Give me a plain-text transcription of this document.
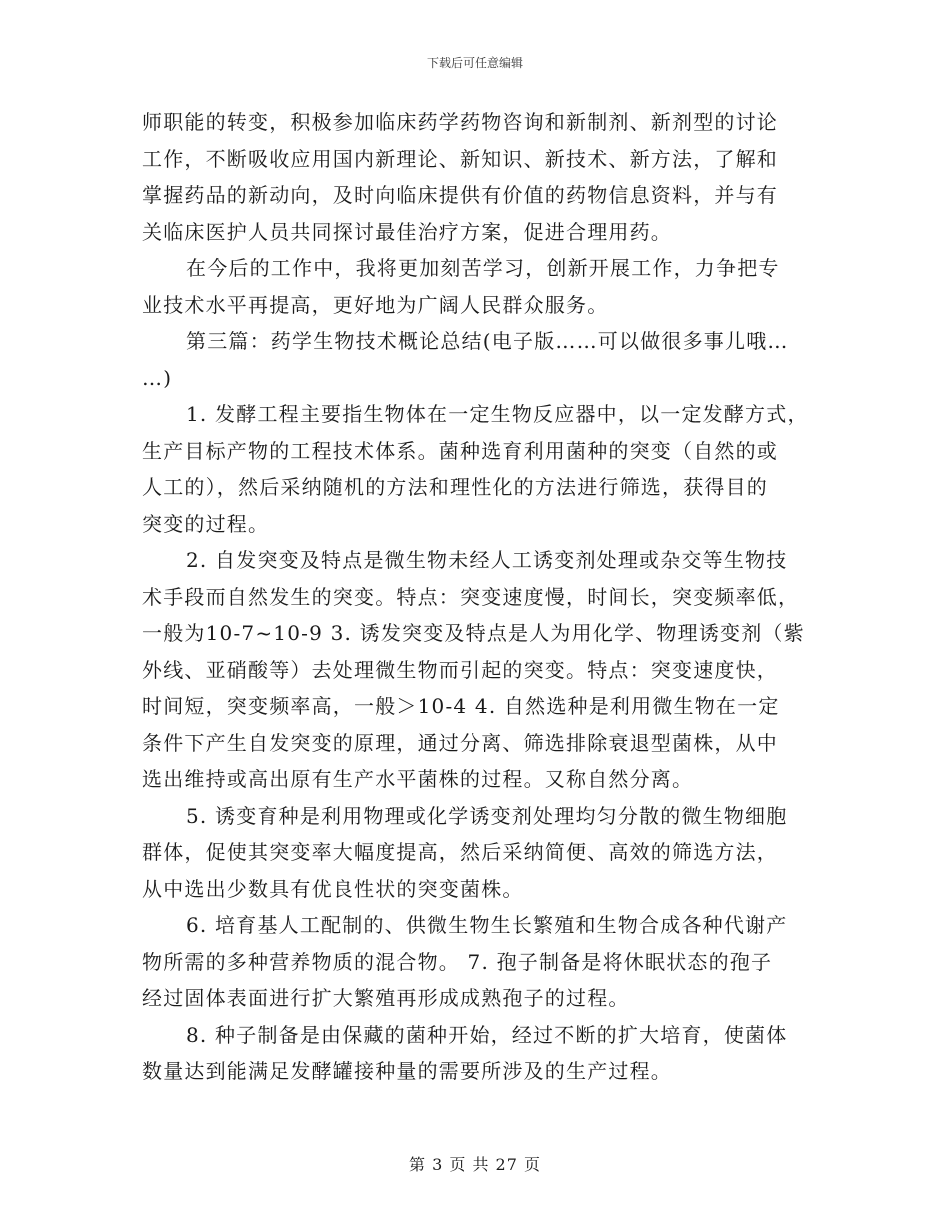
下载后可任意编辑
师职能的转变，积极参加临床药学药物咨询和新制剂、新剂型的讨论
工作，不断吸收应用国内新理论、新知识、新技术、新方法，了解和
掌握药品的新动向，及时向临床提供有价值的药物信息资料，并与有
关临床医护人员共同探讨最佳治疗方案，促进合理用药。
在今后的工作中，我将更加刻苦学习，创新开展工作，力争把专
业技术水平再提高，更好地为广阔人民群众服务。
第三篇：药学生物技术概论总结(电子版……可以做很多事儿哦…
…)
1. 发酵工程主要指生物体在一定生物反应器中，以一定发酵方式，
生产目标产物的工程技术体系。菌种选育利用菌种的突变（自然的或
人工的），然后采纳随机的方法和理性化的方法进行筛选，获得目的
突变的过程。
2. 自发突变及特点是微生物未经人工诱变剂处理或杂交等生物技
术手段而自然发生的突变。特点：突变速度慢，时间长，突变频率低，
一般为10-7~10-9 3. 诱发突变及特点是人为用化学、物理诱变剂（紫
外线、亚硝酸等）去处理微生物而引起的突变。特点：突变速度快，
时间短，突变频率高，一般＞10-4 4. 自然选种是利用微生物在一定
条件下产生自发突变的原理，通过分离、筛选排除衰退型菌株，从中
选出维持或高出原有生产水平菌株的过程。又称自然分离。
5. 诱变育种是利用物理或化学诱变剂处理均匀分散的微生物细胞
群体，促使其突变率大幅度提高，然后采纳简便、高效的筛选方法，
从中选出少数具有优良性状的突变菌株。
6. 培育基人工配制的、供微生物生长繁殖和生物合成各种代谢产
物所需的多种营养物质的混合物。 7. 孢子制备是将休眠状态的孢子
经过固体表面进行扩大繁殖再形成成熟孢子的过程。
8. 种子制备是由保藏的菌种开始，经过不断的扩大培育，使菌体
数量达到能满足发酵罐接种量的需要所涉及的生产过程。
第 3 页 共 27 页
